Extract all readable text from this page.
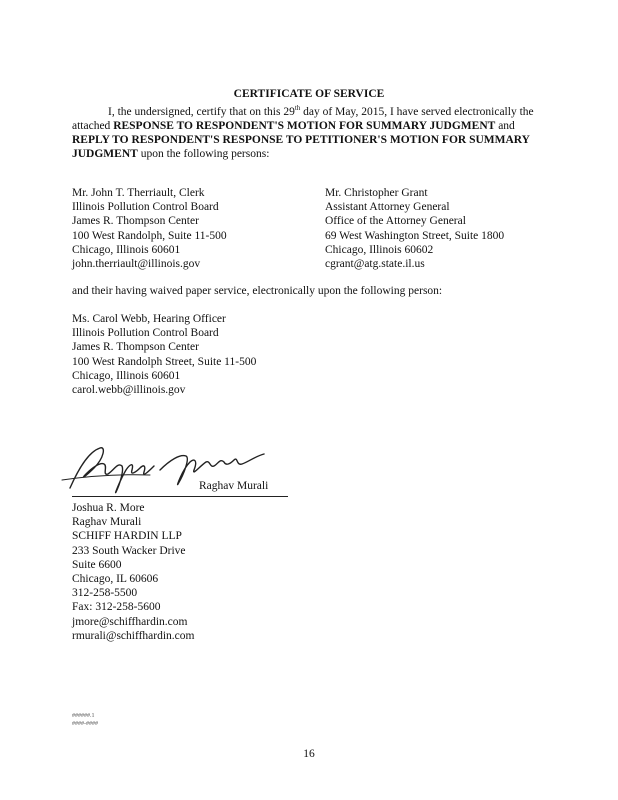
CERTIFICATE OF SERVICE
I, the undersigned, certify that on this 29th day of May, 2015, I have served electronically the attached RESPONSE TO RESPONDENT'S MOTION FOR SUMMARY JUDGMENT and REPLY TO RESPONDENT'S RESPONSE TO PETITIONER'S MOTION FOR SUMMARY JUDGMENT upon the following persons:
Mr. John T. Therriault, Clerk
Illinois Pollution Control Board
James R. Thompson Center
100 West Randolph, Suite 11-500
Chicago, Illinois 60601
john.therriault@illinois.gov
Mr. Christopher Grant
Assistant Attorney General
Office of the Attorney General
69 West Washington Street, Suite 1800
Chicago, Illinois 60602
cgrant@atg.state.il.us
and their having waived paper service, electronically upon the following person:
Ms. Carol Webb, Hearing Officer
Illinois Pollution Control Board
James R. Thompson Center
100 West Randolph Street, Suite 11-500
Chicago, Illinois 60601
carol.webb@illinois.gov
Raghav Murali
Joshua R. More
Raghav Murali
SCHIFF HARDIN LLP
233 South Wacker Drive
Suite 6600
Chicago, IL 60606
312-258-5500
Fax: 312-258-5600
jmore@schiffhardin.com
rmurali@schiffhardin.com
######.1
####-####
16
